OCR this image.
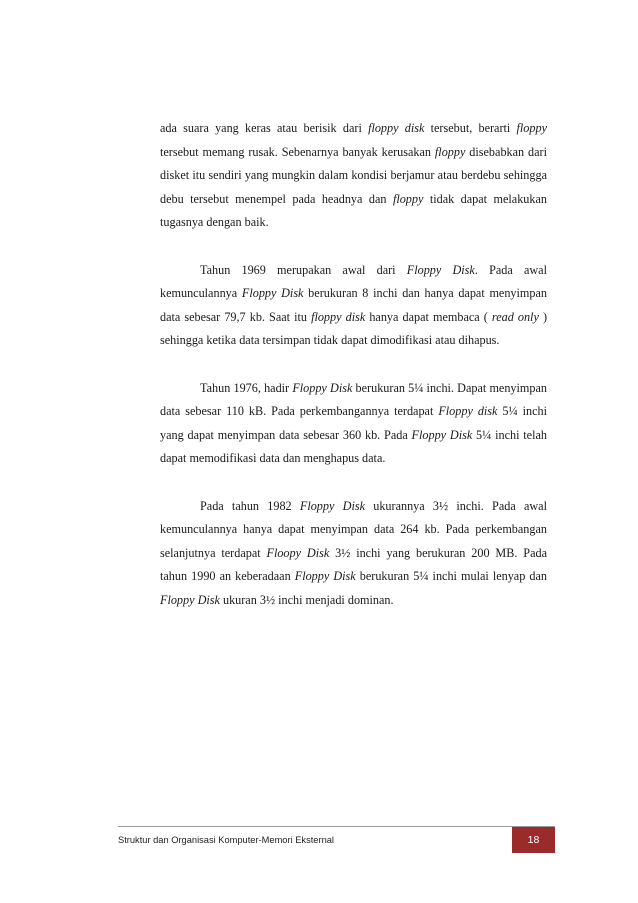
ada suara yang keras atau berisik dari floppy disk tersebut, berarti floppy tersebut memang rusak. Sebenarnya banyak kerusakan floppy disebabkan dari disket itu sendiri yang mungkin dalam kondisi berjamur atau berdebu sehingga debu tersebut menempel pada headnya dan floppy tidak dapat melakukan tugasnya dengan baik.

Tahun 1969 merupakan awal dari Floppy Disk. Pada awal kemunculannya Floppy Disk berukuran 8 inchi dan hanya dapat menyimpan data sebesar 79,7 kb. Saat itu floppy disk hanya dapat membaca ( read only ) sehingga ketika data tersimpan tidak dapat dimodifikasi atau dihapus.

Tahun 1976, hadir Floppy Disk berukuran 5¼ inchi. Dapat menyimpan data sebesar 110 kB. Pada perkembangannya terdapat Floppy disk 5¼ inchi yang dapat menyimpan data sebesar 360 kb. Pada Floppy Disk 5¼ inchi telah dapat memodifikasi data dan menghapus data.

Pada tahun 1982 Floppy Disk ukurannya 3½ inchi. Pada awal kemunculannya hanya dapat menyimpan data 264 kb. Pada perkembangan selanjutnya terdapat Floopy Disk 3½ inchi yang berukuran 200 MB. Pada tahun 1990 an keberadaan Floppy Disk berukuran 5¼ inchi mulai lenyap dan Floppy Disk ukuran 3½ inchi menjadi dominan.

Struktur dan Organisasi Komputer-Memori Eksternal	18
